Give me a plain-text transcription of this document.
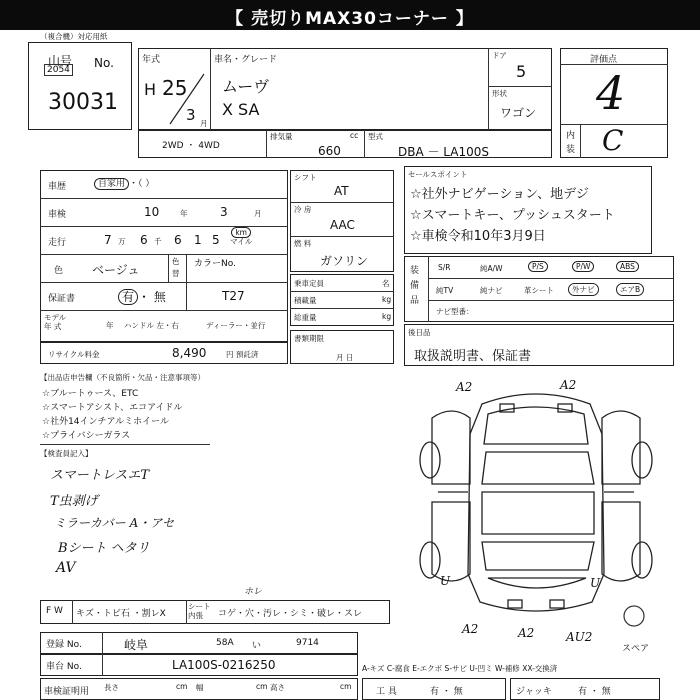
【 売切りMAX30コーナー 】
（複合機）対応用紙
山号 No.
2054
30031
年式
H 25
3 月
車名・グレード
ムーヴ
X SA
ドア
5
形状
ワゴン
評価点
4
内
装 C
2WD ・ 4WD
排気量	cc
660
型式
DBA － LA100S
車歴	自家用 ・（ ）
車検	10	年	3	月
走行	7 万 6 千 6 1 5
km
マイル
色 ベージュ
色
替
カラーNo.
T27
保証書	有 ・ 無
モデル
年 式	年 ハンドル 左・右	ディーラー・並行
リサイクル料金	8,490	円 預託済
シフト
AT
冷 房
AAC
燃 料
ガソリン
乗車定員
積載量
総重量
名
kg
kg
書類期限
月 日
セールスポイント
☆社外ナビゲーション、地デジ
☆スマートキー、プッシュスタート
☆車検令和10年3月9日
装
備
品
S/R	純A/W	P/S	P/W	ABS
純TV	純ナビ	革シート	外ナビ	エアB
ナビ型番：
後日品
取扱説明書、保証書
【出品店申告欄（不良箇所・欠品・注意事項等）
☆ブルートゥース、ETC
☆スマートアシスト、エコアイドル
☆社外14インチアルミホイール
☆プライバシーガラス
【検査員記入】
スマートレスエT
T虫剥げ
ミラーカバー A・アセ
Bシート ヘタリ
AV
A2	A2
A2	A2	AU2
U	U
スペア
F W キズ・トビ石 ・割レX
シート
内張	コゲ・穴・汚レ・シミ・破レ・スレ
ホレ
登録 No.	岐阜	58A い	9714
車台 No.	LA100S-0216250	A-キズ C-腐食 E-エクボ S-サビ U-凹ミ W-補修 XX-交換済
車検証明用 長さ	cm 幅	cm 高さ	cm
工 具	有 ・ 無	ジャッキ	有 ・ 無
